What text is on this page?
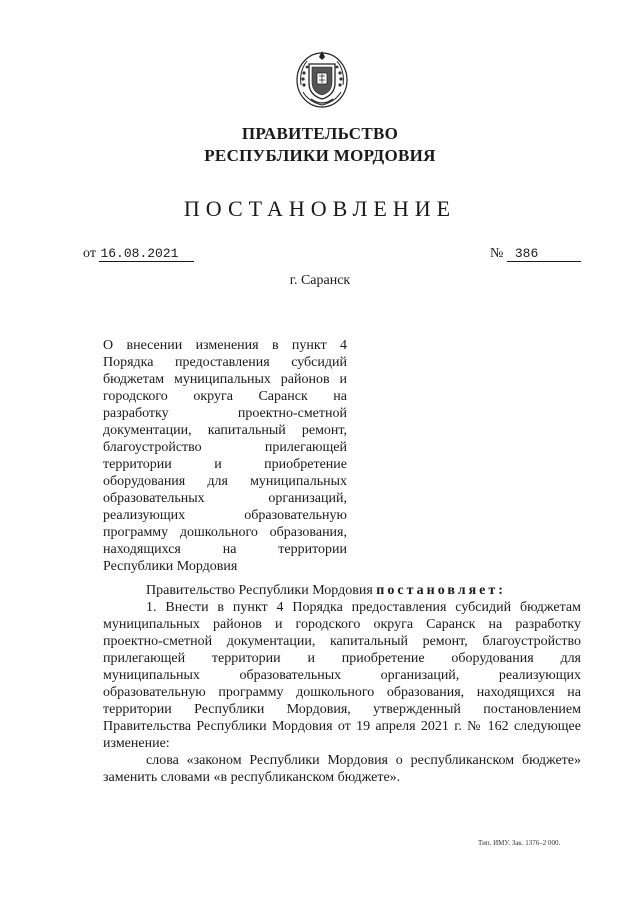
ПРАВИТЕЛЬСТВО
РЕСПУБЛИКИ МОРДОВИЯ
ПОСТАНОВЛЕНИЕ
от 16.08.2021	№ 386
г. Саранск
О внесении изменения в пункт 4
Порядка предоставления субсидий
бюджетам муниципальных районов и
городского округа Саранск на
разработку проектно-сметной
документации, капитальный ремонт,
благоустройство прилегающей
территории и приобретение
оборудования для муниципальных
образовательных организаций,
реализующих образовательную
программу дошкольного образования,
находящихся на территории
Республики Мордовия
Правительство Республики Мордовия постановляет:
1. Внести в пункт 4 Порядка предоставления субсидий бюджетам
муниципальных районов и городского округа Саранск на разработку
проектно-сметной документации, капитальный ремонт, благоустройство
прилегающей территории и приобретение оборудования для
муниципальных образовательных организаций, реализующих
образовательную программу дошкольного образования, находящихся на
территории Республики Мордовия, утвержденный постановлением
Правительства Республики Мордовия от 19 апреля 2021 г. № 162 следующее
изменение:
слова «законом Республики Мордовия о республиканском бюджете»
заменить словами «в республиканском бюджете».
Тип. ИМУ. Зак. 1376–2 000.
